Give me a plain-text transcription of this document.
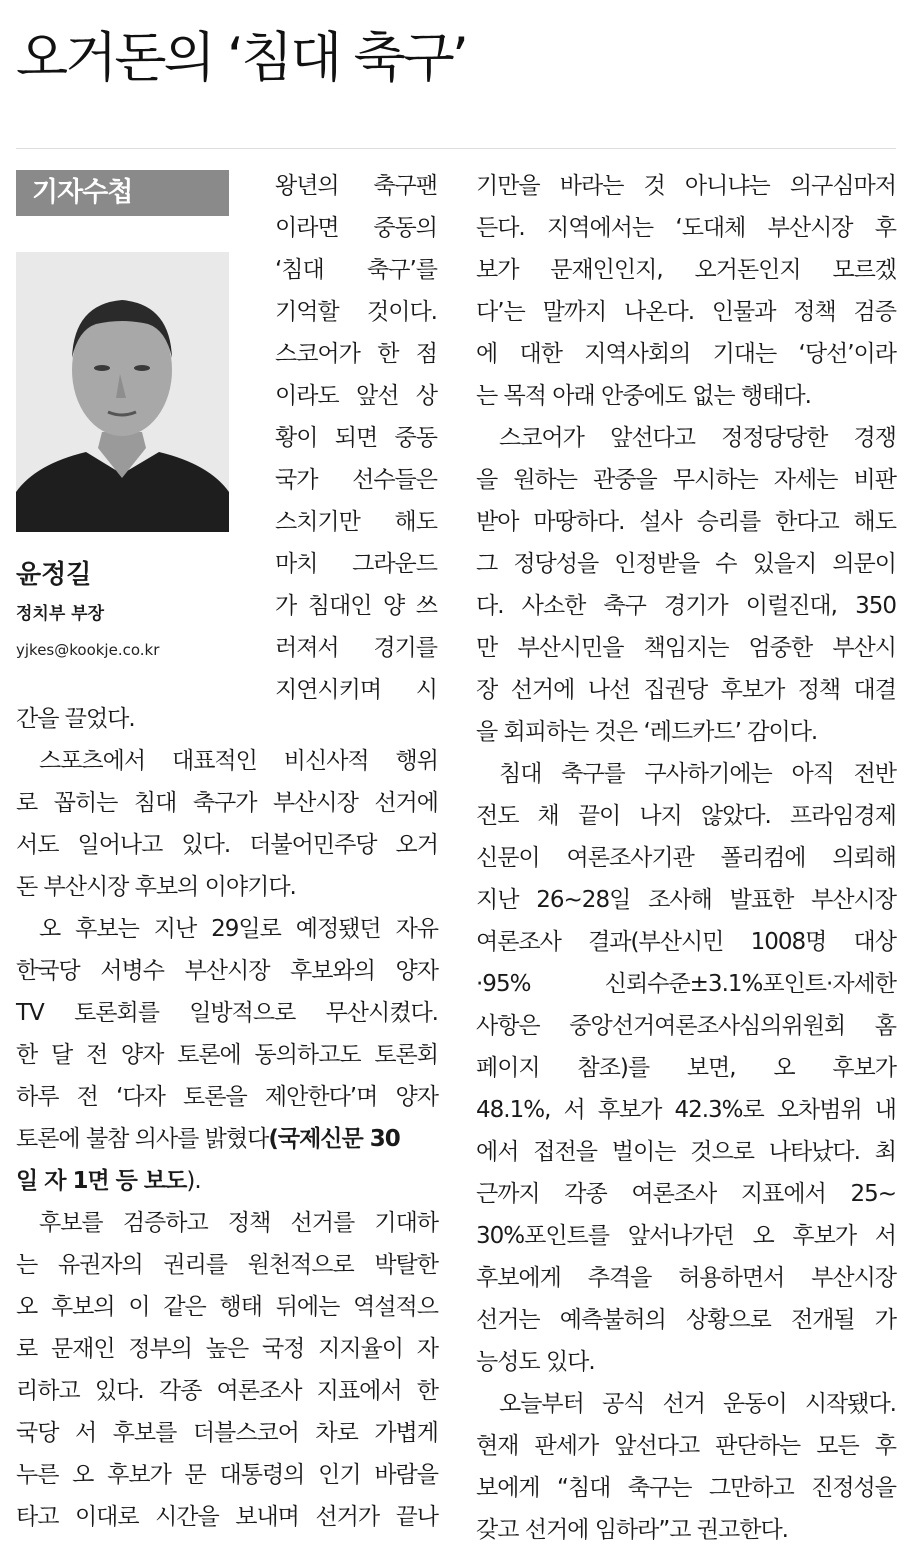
오거돈의 ‘침대 축구’
기자수첩
윤정길
정치부 부장
yjkes@kookje.co.kr
왕년의 축구팬
이라면 중동의
‘침대 축구’를
기억할 것이다.
스코어가 한 점
이라도 앞선 상
황이 되면 중동
국가 선수들은
스치기만 해도
마치 그라운드
가 침대인 양 쓰
러져서 경기를
지연시키며 시
간을 끌었다.
스포츠에서 대표적인 비신사적 행위
로 꼽히는 침대 축구가 부산시장 선거에
서도 일어나고 있다. 더불어민주당 오거
돈 부산시장 후보의 이야기다.
오 후보는 지난 29일로 예정됐던 자유
한국당 서병수 부산시장 후보와의 양자
TV 토론회를 일방적으로 무산시켰다.
한 달 전 양자 토론에 동의하고도 토론회
하루 전 ‘다자 토론을 제안한다’며 양자
토론에 불참 의사를 밝혔다(국제신문 30
일 자 1면 등 보도).
후보를 검증하고 정책 선거를 기대하
는 유권자의 권리를 원천적으로 박탈한
오 후보의 이 같은 행태 뒤에는 역설적으
로 문재인 정부의 높은 국정 지지율이 자
리하고 있다. 각종 여론조사 지표에서 한
국당 서 후보를 더블스코어 차로 가볍게
누른 오 후보가 문 대통령의 인기 바람을
타고 이대로 시간을 보내며 선거가 끝나
기만을 바라는 것 아니냐는 의구심마저
든다. 지역에서는 ‘도대체 부산시장 후
보가 문재인인지, 오거돈인지 모르겠
다’는 말까지 나온다. 인물과 정책 검증
에 대한 지역사회의 기대는 ‘당선’이라
는 목적 아래 안중에도 없는 행태다.
스코어가 앞선다고 정정당당한 경쟁
을 원하는 관중을 무시하는 자세는 비판
받아 마땅하다. 설사 승리를 한다고 해도
그 정당성을 인정받을 수 있을지 의문이
다. 사소한 축구 경기가 이럴진대, 350
만 부산시민을 책임지는 엄중한 부산시
장 선거에 나선 집권당 후보가 정책 대결
을 회피하는 것은 ‘레드카드’ 감이다.
침대 축구를 구사하기에는 아직 전반
전도 채 끝이 나지 않았다. 프라임경제
신문이 여론조사기관 폴리컴에 의뢰해
지난 26~28일 조사해 발표한 부산시장
여론조사 결과(부산시민 1008명 대상
·95% 신뢰수준±3.1%포인트·자세한
사항은 중앙선거여론조사심의위원회 홈
페이지 참조)를 보면, 오 후보가
48.1%, 서 후보가 42.3%로 오차범위 내
에서 접전을 벌이는 것으로 나타났다. 최
근까지 각종 여론조사 지표에서 25~
30%포인트를 앞서나가던 오 후보가 서
후보에게 추격을 허용하면서 부산시장
선거는 예측불허의 상황으로 전개될 가
능성도 있다.
오늘부터 공식 선거 운동이 시작됐다.
현재 판세가 앞선다고 판단하는 모든 후
보에게 “침대 축구는 그만하고 진정성을
갖고 선거에 임하라”고 권고한다.
